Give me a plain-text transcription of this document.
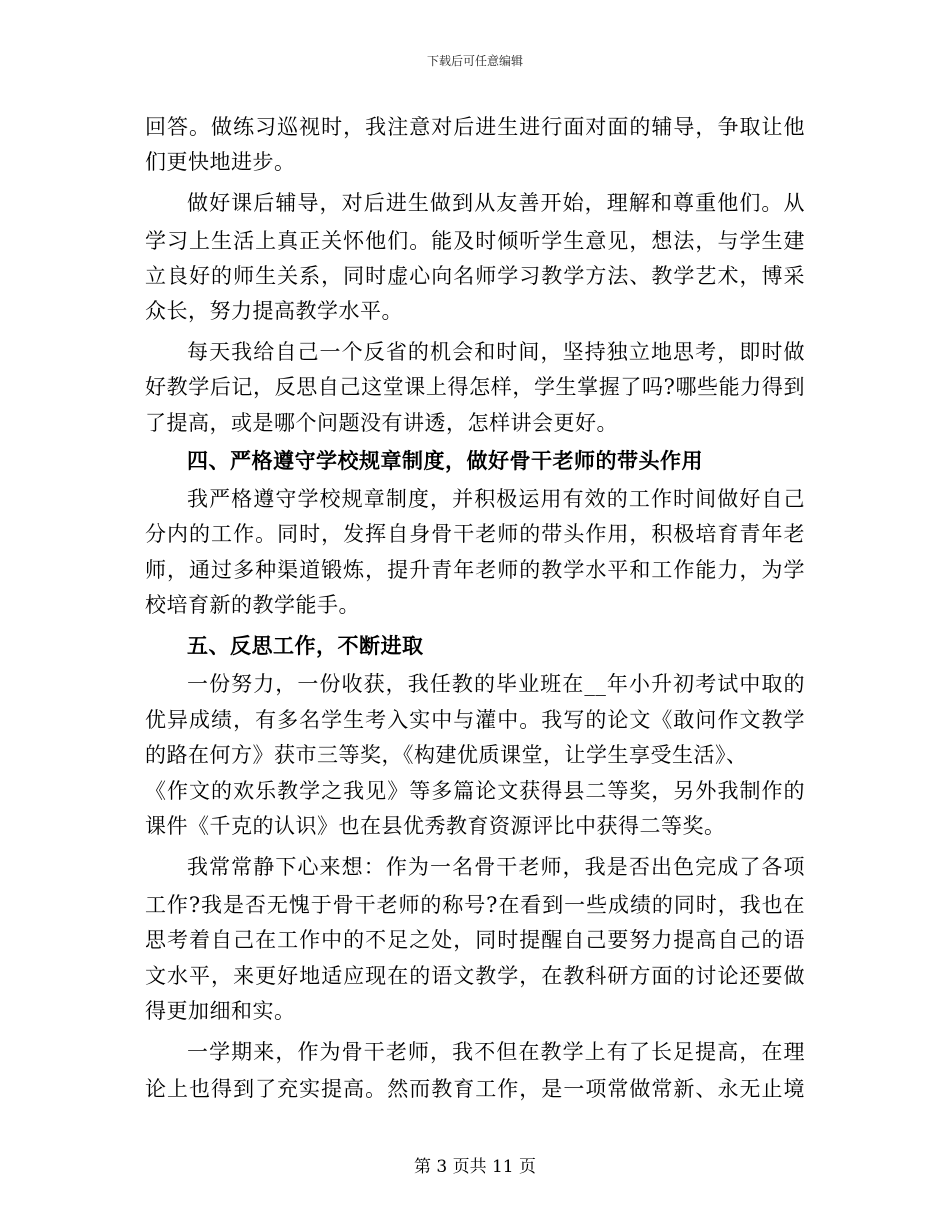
下载后可任意编辑
回答。做练习巡视时，我注意对后进生进行面对面的辅导，争取让他
们更快地进步。
做好课后辅导，对后进生做到从友善开始，理解和尊重他们。从
学习上生活上真正关怀他们。能及时倾听学生意见，想法，与学生建
立良好的师生关系，同时虚心向名师学习教学方法、教学艺术，博采
众长，努力提高教学水平。
每天我给自己一个反省的机会和时间，坚持独立地思考，即时做
好教学后记，反思自己这堂课上得怎样，学生掌握了吗?哪些能力得到
了提高，或是哪个问题没有讲透，怎样讲会更好。
四、严格遵守学校规章制度，做好骨干老师的带头作用
我严格遵守学校规章制度，并积极运用有效的工作时间做好自己
分内的工作。同时，发挥自身骨干老师的带头作用，积极培育青年老
师，通过多种渠道锻炼，提升青年老师的教学水平和工作能力，为学
校培育新的教学能手。
五、反思工作，不断进取
一份努力，一份收获，我任教的毕业班在__年小升初考试中取的
优异成绩，有多名学生考入实中与灌中。我写的论文《敢问作文教学
的路在何方》获市三等奖，《构建优质课堂，让学生享受生活》、
《作文的欢乐教学之我见》等多篇论文获得县二等奖，另外我制作的
课件《千克的认识》也在县优秀教育资源评比中获得二等奖。
我常常静下心来想：作为一名骨干老师，我是否出色完成了各项
工作?我是否无愧于骨干老师的称号?在看到一些成绩的同时，我也在
思考着自己在工作中的不足之处，同时提醒自己要努力提高自己的语
文水平，来更好地适应现在的语文教学，在教科研方面的讨论还要做
得更加细和实。
一学期来，作为骨干老师，我不但在教学上有了长足提高，在理
论上也得到了充实提高。然而教育工作，是一项常做常新、永无止境
第 3 页共 11 页
